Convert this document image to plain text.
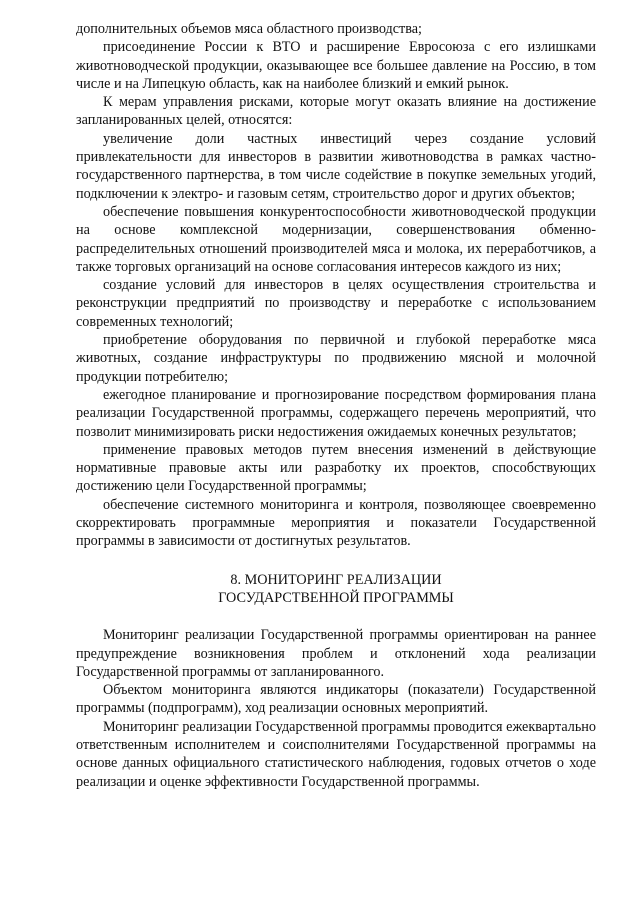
дополнительных объемов мяса областного производства;

присоединение России к ВТО и расширение Евросоюза с его излишками животноводческой продукции, оказывающее все большее давление на Россию, в том числе и на Липецкую область, как на наиболее близкий и емкий рынок.

К мерам управления рисками, которые могут оказать влияние на достижение запланированных целей, относятся:

увеличение доли частных инвестиций через создание условий привлекательности для инвесторов в развитии животноводства в рамках частно-государственного партнерства, в том числе содействие в покупке земельных угодий, подключении к электро- и газовым сетям, строительство дорог и других объектов;

обеспечение повышения конкурентоспособности животноводческой продукции на основе комплексной модернизации, совершенствования обменно-распределительных отношений производителей мяса и молока, их переработчиков, а также торговых организаций на основе согласования интересов каждого из них;

создание условий для инвесторов в целях осуществления строительства и реконструкции предприятий по производству и переработке с использованием современных технологий;

приобретение оборудования по первичной и глубокой переработке мяса животных, создание инфраструктуры по продвижению мясной и молочной продукции потребителю;

ежегодное планирование и прогнозирование посредством формирования плана реализации Государственной программы, содержащего перечень мероприятий, что позволит минимизировать риски недостижения ожидаемых конечных результатов;

применение правовых методов путем внесения изменений в действующие нормативные правовые акты или разработку их проектов, способствующих достижению цели Государственной программы;

обеспечение системного мониторинга и контроля, позволяющее своевременно скорректировать программные мероприятия и показатели Государственной программы в зависимости от достигнутых результатов.

8. МОНИТОРИНГ РЕАЛИЗАЦИИ

ГОСУДАРСТВЕННОЙ ПРОГРАММЫ

Мониторинг реализации Государственной программы ориентирован на раннее предупреждение возникновения проблем и отклонений хода реализации Государственной программы от запланированного.

Объектом мониторинга являются индикаторы (показатели) Государственной программы (подпрограмм), ход реализации основных мероприятий.

Мониторинг реализации Государственной программы проводится ежеквартально ответственным исполнителем и соисполнителями Государственной программы на основе данных официального статистического наблюдения, годовых отчетов о ходе реализации и оценке эффективности Государственной программы.
